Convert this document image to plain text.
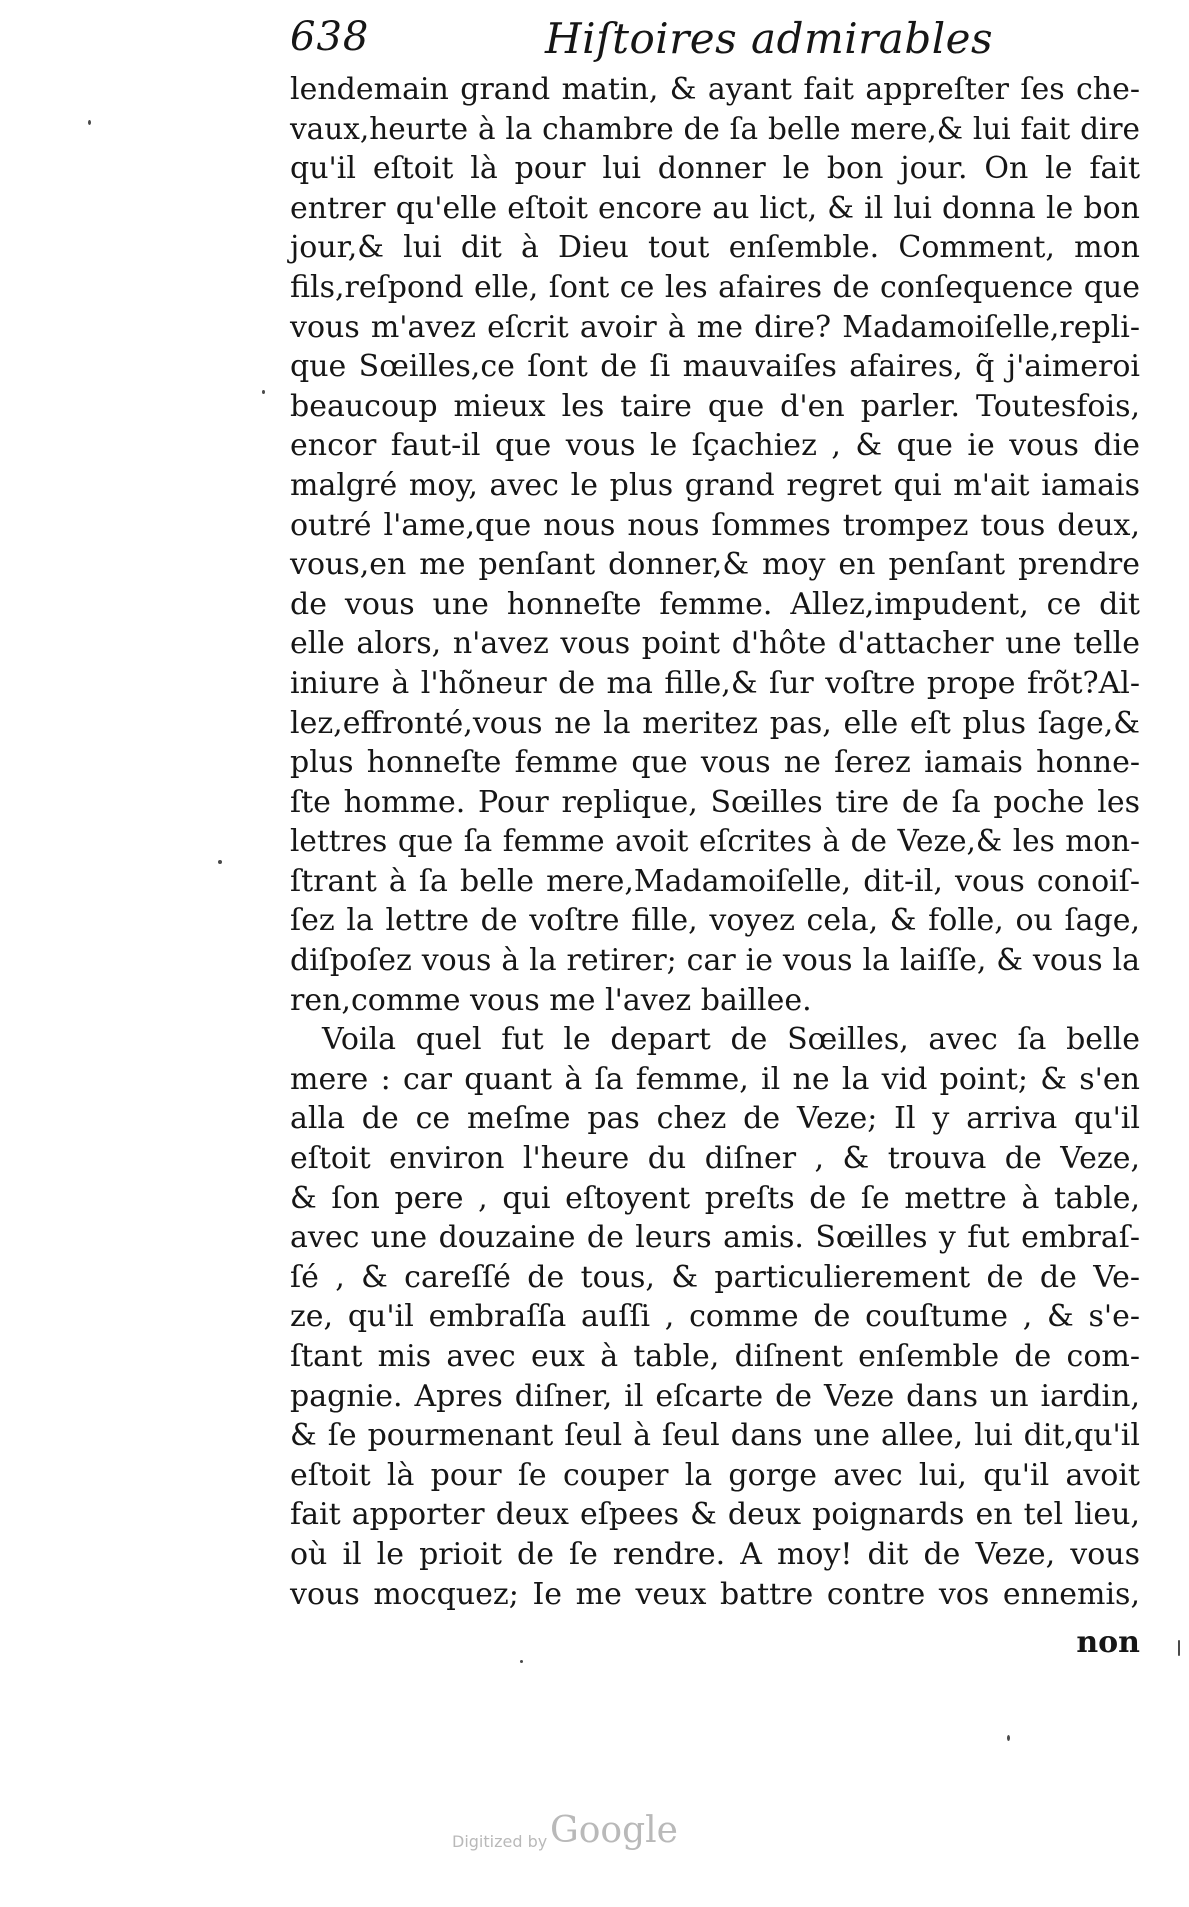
638	Hiſtoires admirables
lendemain grand matin, & ayant fait appreſter ſes che-
vaux,heurte à la chambre de ſa belle mere,& lui fait dire
qu'il eſtoit là pour lui donner le bon jour. On le fait
entrer qu'elle eſtoit encore au lict, & il lui donna le bon
jour,& lui dit à Dieu tout enſemble. Comment, mon
fils,reſpond elle, ſont ce les afaires de conſequence que
vous m'avez eſcrit avoir à me dire? Madamoiſelle,repli-
que Sœilles,ce ſont de ſi mauvaiſes afaires, q̃ j'aimeroi
beaucoup mieux les taire que d'en parler. Toutesfois,
encor faut-il que vous le ſçachiez , & que ie vous die
malgré moy, avec le plus grand regret qui m'ait iamais
outré l'ame,que nous nous ſommes trompez tous deux,
vous,en me penſant donner,& moy en penſant prendre
de vous une honneſte femme. Allez,impudent, ce dit
elle alors, n'avez vous point d'hôte d'attacher une telle
iniure à l'hõneur de ma fille,& ſur voſtre prope frõt?Al-
lez,effronté,vous ne la meritez pas, elle eſt plus ſage,&
plus honneſte femme que vous ne ſerez iamais honne-
ſte homme. Pour replique, Sœilles tire de ſa poche les
lettres que ſa femme avoit eſcrites à de Veze,& les mon-
ſtrant à ſa belle mere,Madamoiſelle, dit-il, vous conoiſ-
ſez la lettre de voſtre fille, voyez cela, & folle, ou ſage,
diſpoſez vous à la retirer; car ie vous la laiſſe, & vous la
ren,comme vous me l'avez baillee.
Voila quel fut le depart de Sœilles, avec ſa belle
mere : car quant à ſa femme, il ne la vid point; & s'en
alla de ce meſme pas chez de Veze; Il y arriva qu'il
eſtoit environ l'heure du diſner , & trouva de Veze,
& ſon pere , qui eſtoyent preſts de ſe mettre à table,
avec une douzaine de leurs amis. Sœilles y fut embraſ-
ſé , & careſſé de tous, & particulierement de de Ve-
ze, qu'il embraſſa auſſi , comme de couſtume , & s'e-
ſtant mis avec eux à table, diſnent enſemble de com-
pagnie. Apres diſner, il eſcarte de Veze dans un iardin,
& ſe pourmenant ſeul à ſeul dans une allee, lui dit,qu'il
eſtoit là pour ſe couper la gorge avec lui, qu'il avoit
fait apporter deux eſpees & deux poignards en tel lieu,
où il le prioit de ſe rendre. A moy! dit de Veze, vous
vous mocquez; Ie me veux battre contre vos ennemis,
non
Digitized by Google
